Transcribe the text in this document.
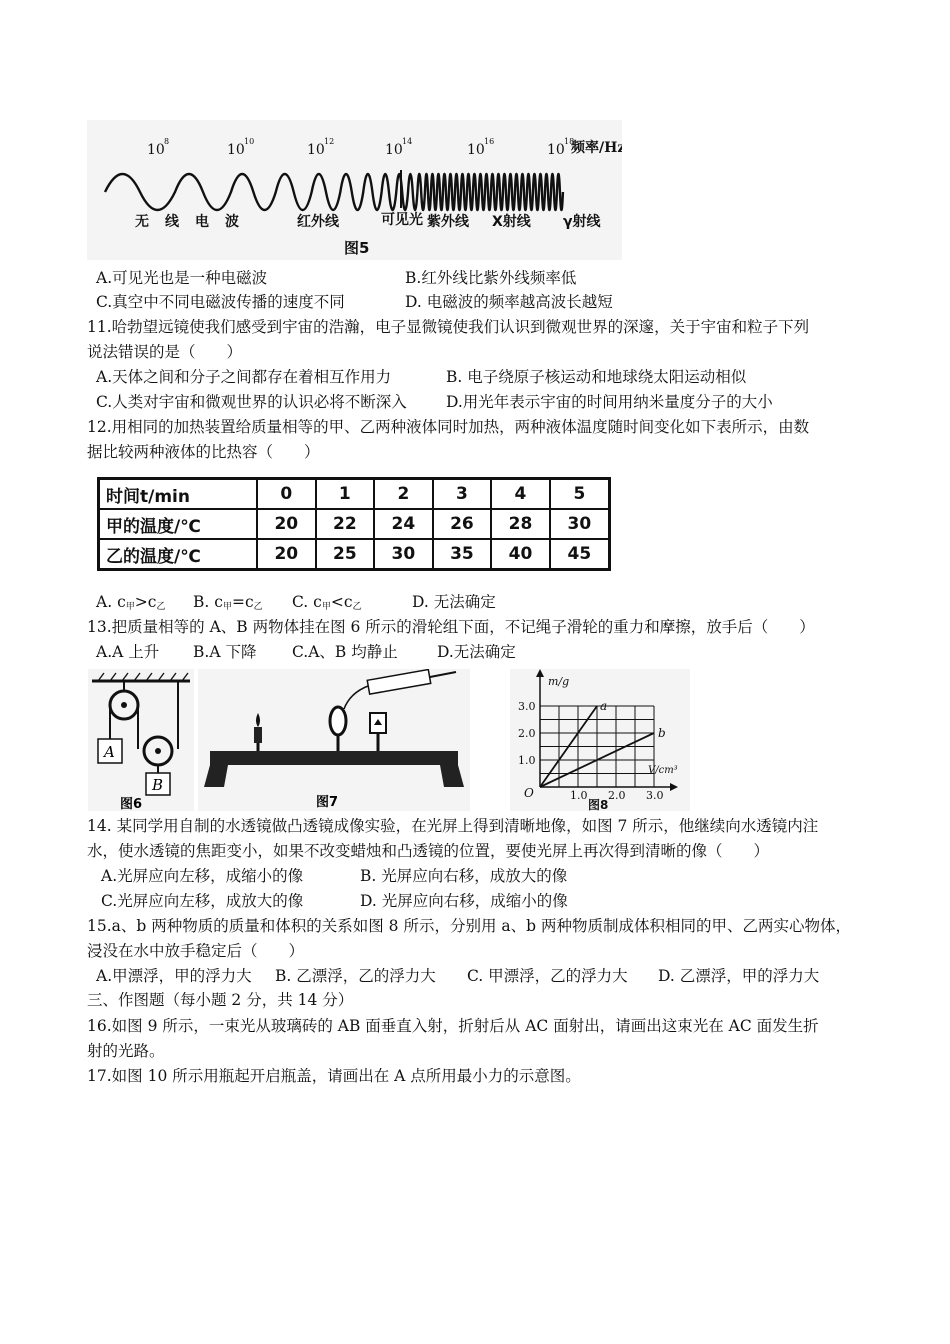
10
8
10
10
10
12
10
14
10
16
10
18
频率/Hz
无 线 电 波	红外线	可见光 紫外线 X射线 γ射线
图5
A.可见光也是一种电磁波	B.红外线比紫外线频率低
C.真空中不同电磁波传播的速度不同	D. 电磁波的频率越高波长越短
11.哈勃望远镜使我们感受到宇宙的浩瀚，电子显微镜使我们认识到微观世界的深邃，关于宇宙和粒子下列
说法错误的是（　　）
A.天体之间和分子之间都存在着相互作用力	B. 电子绕原子核运动和地球绕太阳运动相似
C.人类对宇宙和微观世界的认识必将不断深入	D.用光年表示宇宙的时间用纳米量度分子的大小
12.用相同的加热装置给质量相等的甲、乙两种液体同时加热，两种液体温度随时间变化如下表所示，由数
据比较两种液体的比热容（　　）
时间t/min	0	1	2	3	4	5
甲的温度/℃	20	22	24	26	28	30
乙的温度/℃	20	25	30	35	40	45
A. $c_甲>c_乙$ B. $c_甲=c_乙$ C. $c_甲<c_乙$	D. 无法确定
13.把质量相等的 A、B 两物体挂在图 6 所示的滑轮组下面，不记绳子滑轮的重力和摩擦，放手后（　　）
A.A 上升 B.A 下降 C.A、B 均静止	D.无法确定
A
B
图6	图7
m/g
V/cm³
O	1.0 2.0 3.0
1.0
2.0
3.0	a
b
图8
14. 某同学用自制的水透镜做凸透镜成像实验，在光屏上得到清晰地像，如图 7 所示，他继续向水透镜内注
水，使水透镜的焦距变小，如果不改变蜡烛和凸透镜的位置，要使光屏上再次得到清晰的像（　　）
A.光屏应向左移，成缩小的像	B. 光屏应向右移，成放大的像
C.光屏应向左移，成放大的像	D. 光屏应向右移，成缩小的像
15.a、b 两种物质的质量和体积的关系如图 8 所示，分别用 a、b 两种物质制成体积相同的甲、乙两实心物体，
浸没在水中放手稳定后（　　）
A.甲漂浮，甲的浮力大 B. 乙漂浮，乙的浮力大 C. 甲漂浮，乙的浮力大 D. 乙漂浮，甲的浮力大
三、作图题（每小题 2 分，共 14 分）
16.如图 9 所示，一束光从玻璃砖的 AB 面垂直入射，折射后从 AC 面射出，请画出这束光在 AC 面发生折
射的光路。
17.如图 10 所示用瓶起开启瓶盖，请画出在 A 点所用最小力的示意图。
